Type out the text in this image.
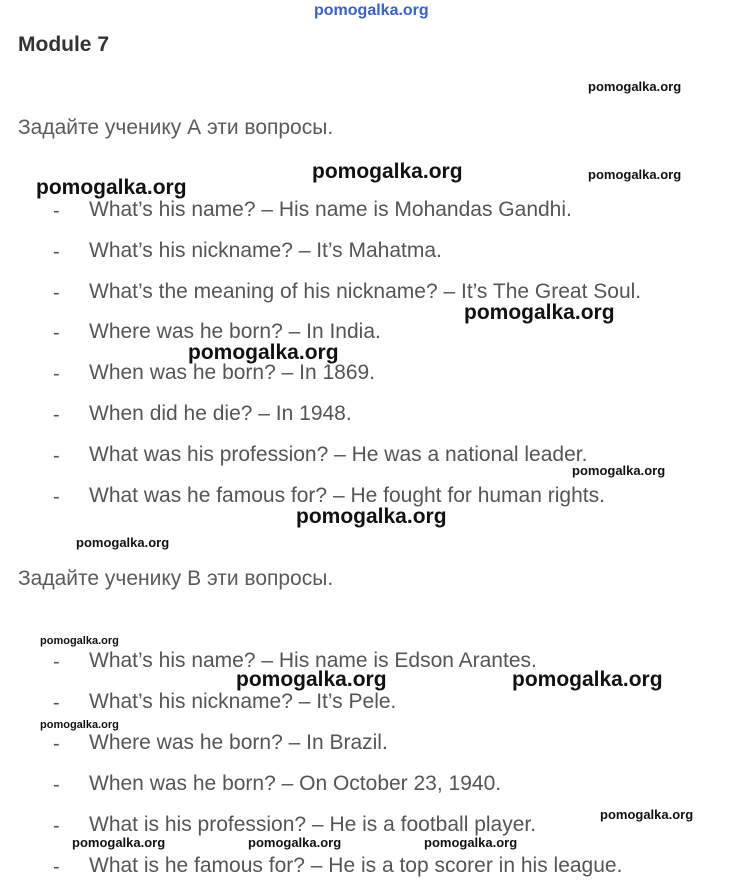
pomogalka.org
Module 7
Задайте ученику А эти вопросы.
- What’s his name? – His name is Mohandas Gandhi.
- What’s his nickname? – It’s Mahatma.
- What’s the meaning of his nickname? – It’s The Great Soul.
- Where was he born? – In India.
- When was he born? – In 1869.
- When did he die? – In 1948.
- What was his profession? – He was a national leader.
- What was he famous for? – He fought for human rights.
Задайте ученику В эти вопросы.
- What’s his name? – His name is Edson Arantes.
- What’s his nickname? – It’s Pele.
- Where was he born? – In Brazil.
- When was he born? – On October 23, 1940.
- What is his profession? – He is a football player.
- What is he famous for? – He is a top scorer in his league.
pomogalka.org
pomogalka.org	pomogalka.org
pomogalka.org
pomogalka.org
pomogalka.org
pomogalka.org
pomogalka.org
pomogalka.org
pomogalka.org
pomogalka.org	pomogalka.org
pomogalka.org
pomogalka.org
pomogalka.org	pomogalka.org	pomogalka.org
